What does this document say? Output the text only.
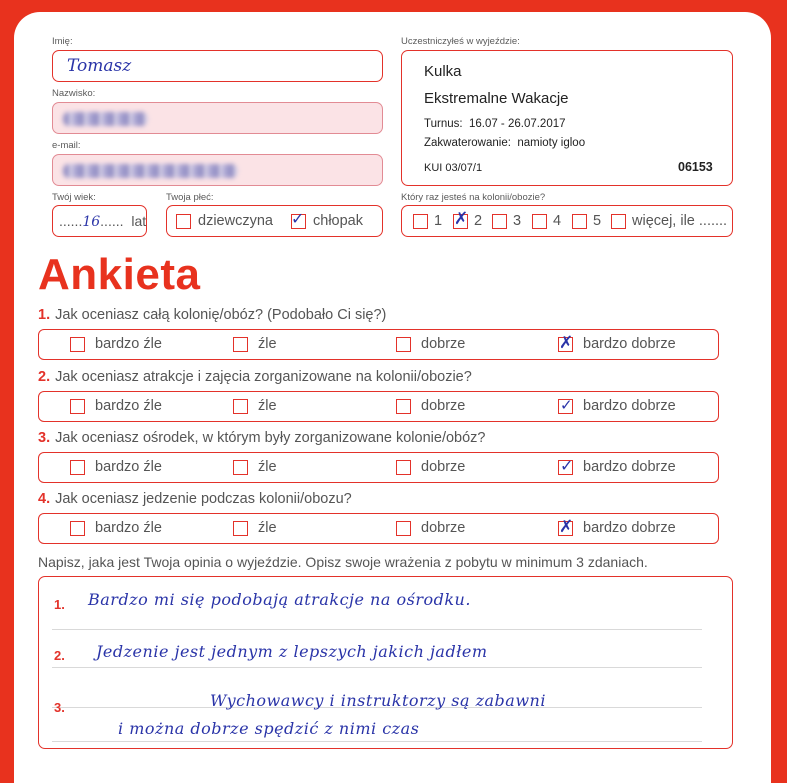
Imię:
Tomasz
Nazwisko:
e-mail:
Twój wiek:
......16...... lat
Twoja płeć:
dziewczyna ✓ chłopak
Uczestniczyłeś w wyjeździe:
Kulka
Ekstremalne Wakacje
Turnus: 16.07 - 26.07.2017
Zakwaterowanie: namioty igloo
KUI 03/07/1	06153
Który raz jesteś na kolonii/obozie?
1 ✗ 2 3 4 5 więcej, ile .......
Ankieta
1. Jak oceniasz całą kolonię/obóz? (Podobało Ci się?)
bardzo źle	źle	dobrze	✗ bardzo dobrze
2. Jak oceniasz atrakcje i zajęcia zorganizowane na kolonii/obozie?
bardzo źle	źle	dobrze	✓ bardzo dobrze
3. Jak oceniasz ośrodek, w którym były zorganizowane kolonie/obóz?
bardzo źle	źle	dobrze	✓ bardzo dobrze
4. Jak oceniasz jedzenie podczas kolonii/obozu?
bardzo źle	źle	dobrze	✗ bardzo dobrze
Napisz, jaka jest Twoja opinia o wyjeździe. Opisz swoje wrażenia z pobytu w minimum 3 zdaniach.
1. Bardzo mi się podobają atrakcje na ośrodku.
2. Jedzenie jest jednym z lepszych jakich jadłem
3.	Wychowawcy i instruktorzy są zabawni
i można dobrze spędzić z nimi czas
